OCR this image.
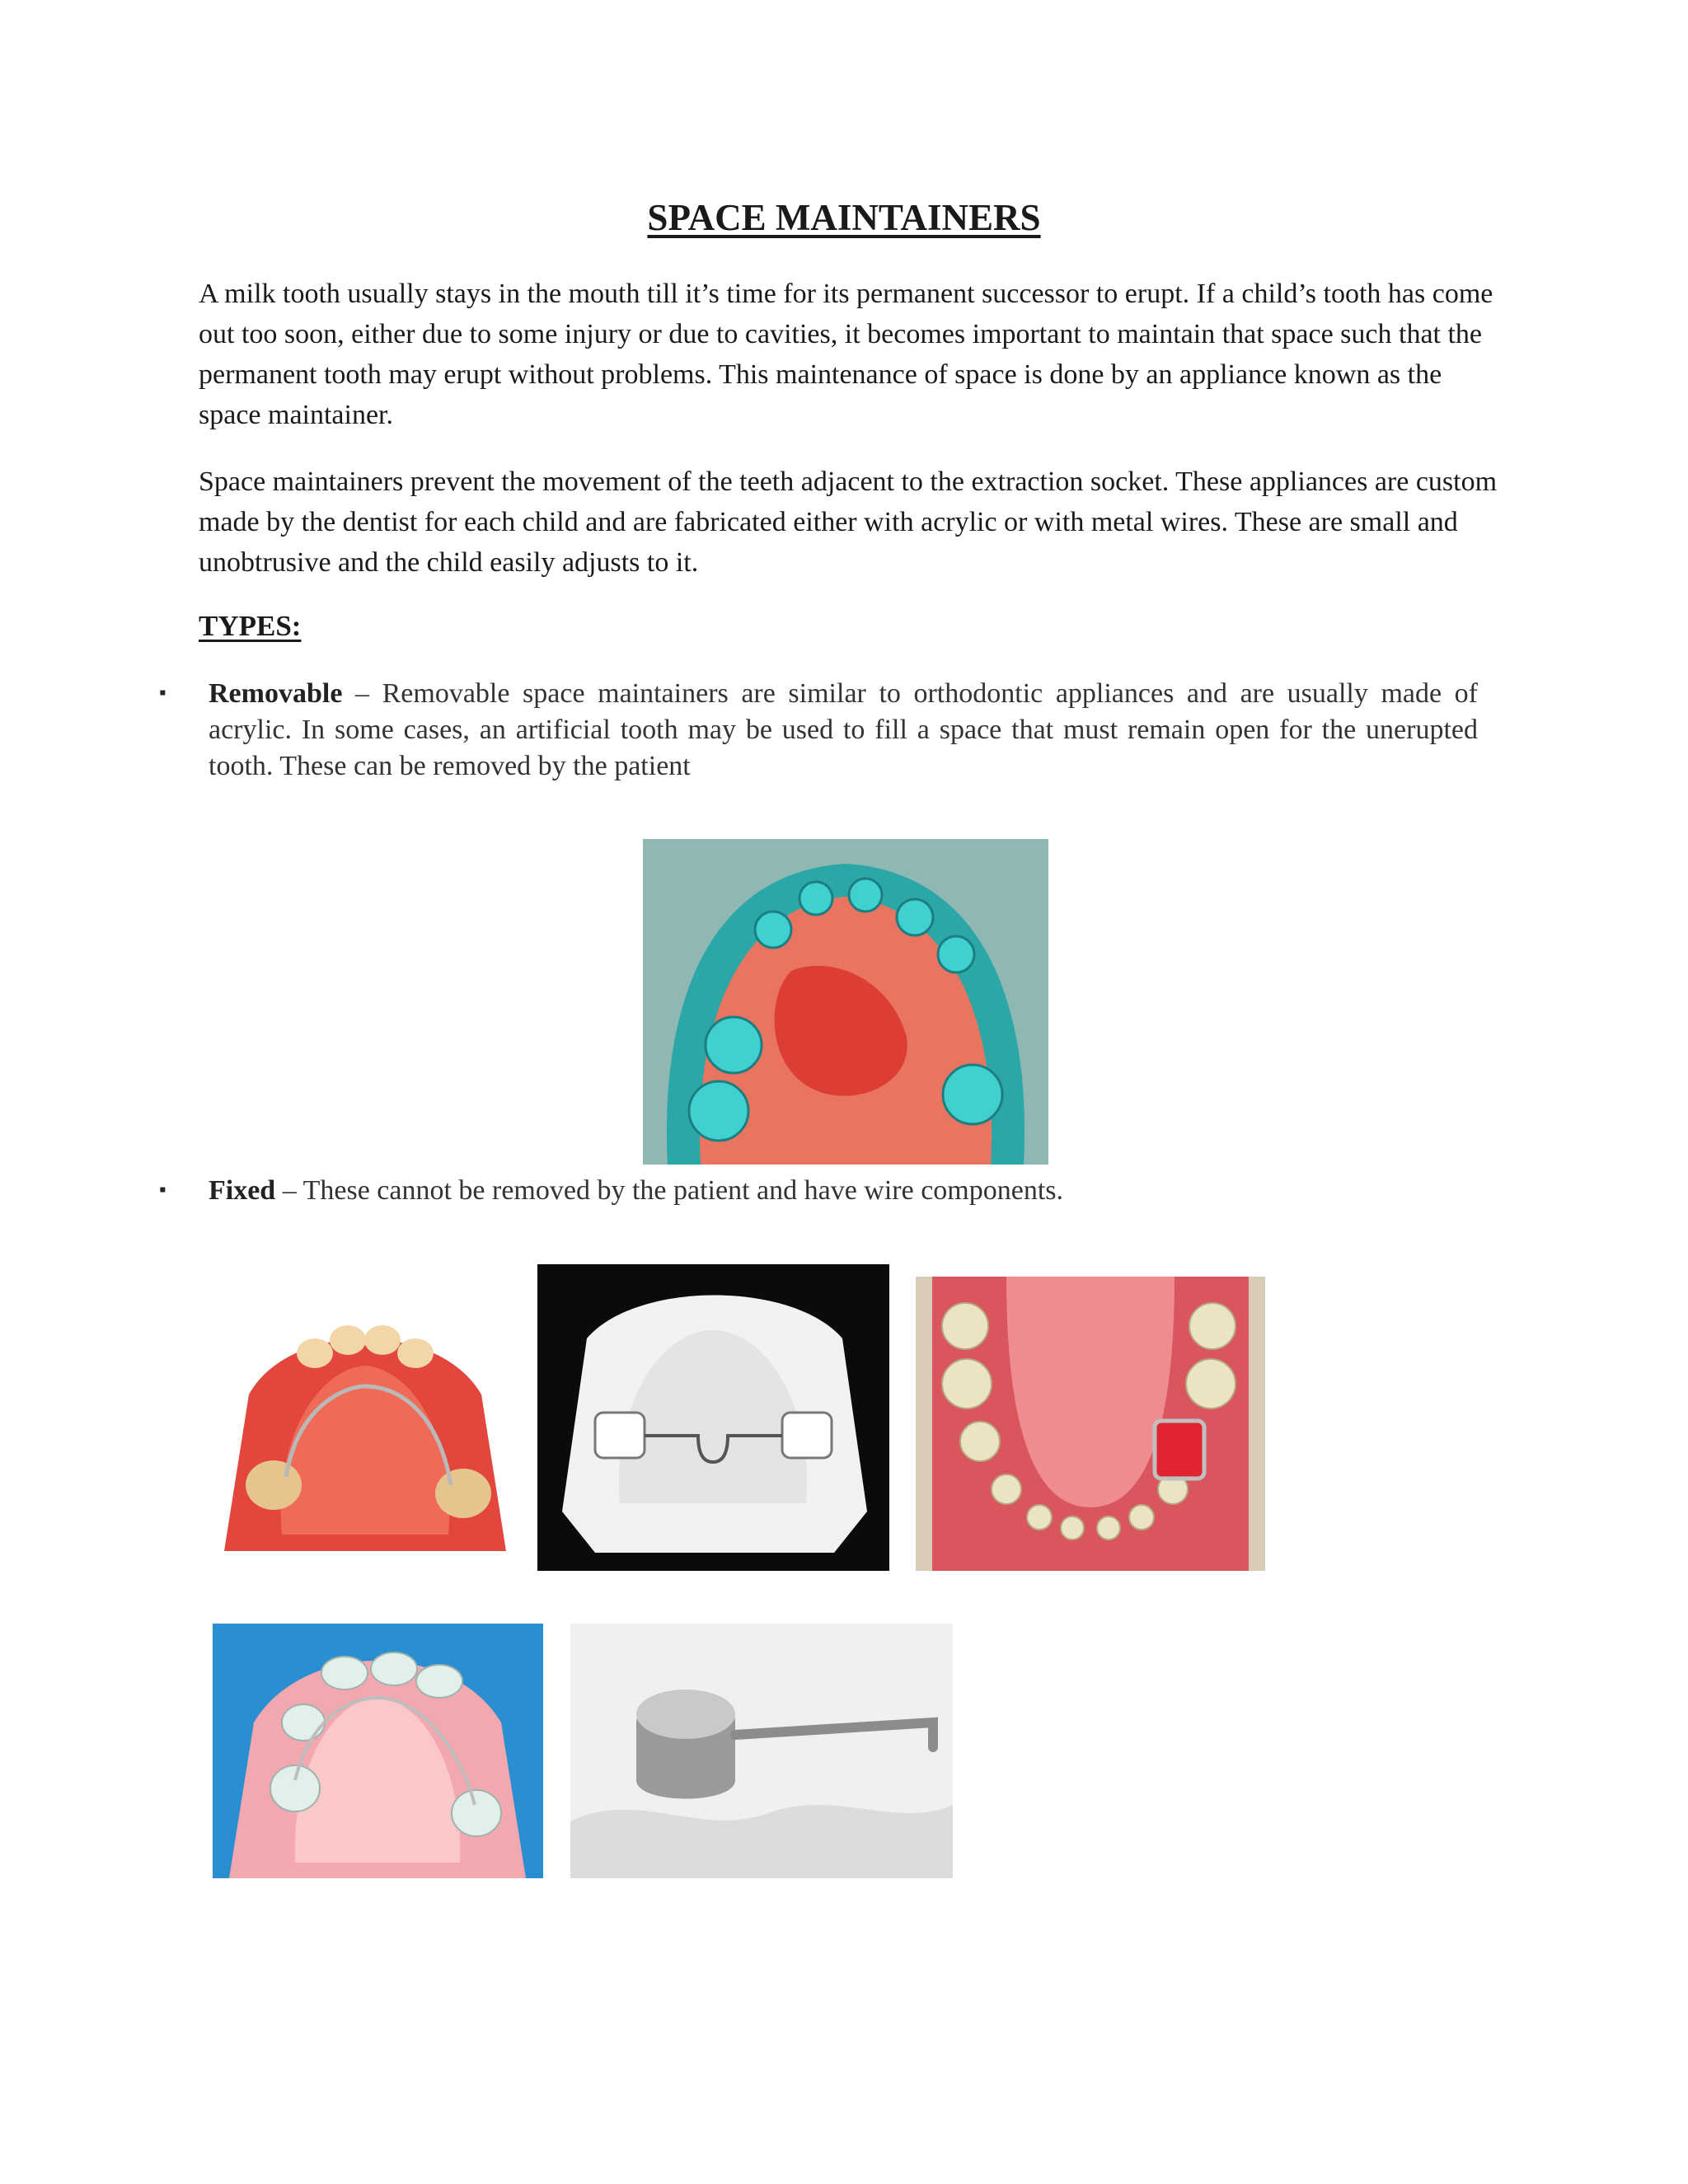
SPACE MAINTAINERS

A milk tooth usually stays in the mouth till it’s time for its permanent successor to erupt. If a child’s tooth has come out too soon, either due to some injury or due to cavities, it becomes important to maintain that space such that the permanent tooth may erupt without problems. This maintenance of space is done by an appliance known as the space maintainer.

Space maintainers prevent the movement of the teeth adjacent to the extraction socket. These appliances are custom made by the dentist for each child and are fabricated either with acrylic or with metal wires. These are small and unobtrusive and the child easily adjusts to it.

TYPES:
▪ Removable – Removable space maintainers are similar to orthodontic appliances and are usually made of acrylic. In some cases, an artificial tooth may be used to fill a space that must remain open for the unerupted tooth. These can be removed by the patient

▪ Fixed – These cannot be removed by the patient and have wire components.
